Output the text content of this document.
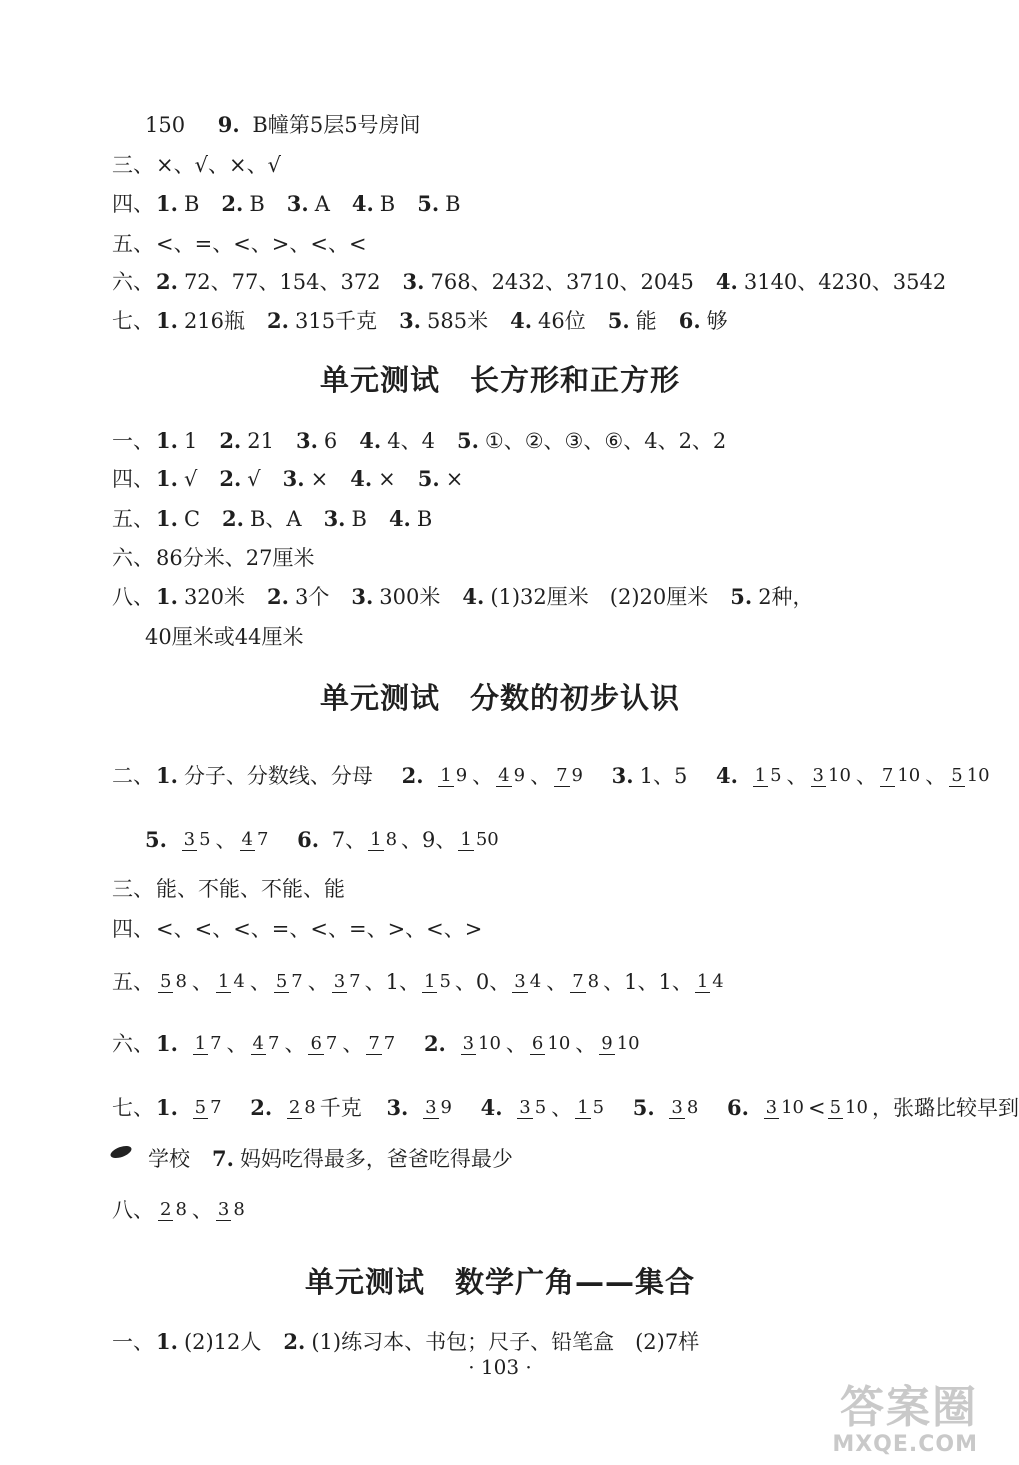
150 9. B幢第5层5号房间
三、×、√、×、√
四、1. B 2. B 3. A 4. B 5. B
五、<、=、<、>、<、<
六、2. 72、77、154、372 3. 768、2432、3710、2045 4. 3140、4230、3542
七、1. 216瓶 2. 315千克 3. 585米 4. 46位 5. 能 6. 够
单元测试　长方形和正方形
一、1. 1 2. 21 3. 6 4. 4、4 5. ①、②、③、⑥、4、2、2
四、1. √ 2. √ 3. × 4. × 5. ×
五、1. C 2. B、A 3. B 4. B
六、86分米、27厘米
八、1. 320米 2. 3个 3. 300米 4. (1)32厘米　(2)20厘米 5. 2种，
40厘米或44厘米
单元测试　分数的初步认识
二、1. 分子、分数线、分母 2. 1 9 、 4 9 、 7 9 3. 1、5 4. 1 5 、 3 10 、 7 10 、 5 10
5. 3 5 、 4 7 6. 7、 1 8 、9、 1 50
三、能、不能、不能、能
四、<、<、<、=、<、=、>、<、>
五、 5 8 、 1 4 、 5 7 、 3 7 、1、 1 5 、0、 3 4 、 7 8 、1、1、 1 4
六、1. 1 7 、 4 7 、 6 7 、 7 7 2. 3 10 、 6 10 、 9 10
七、1. 5 7 2. 2 8 千克 3. 3 9 4. 3 5 、 1 5 5. 3 8 6. 3 10 < 5 10 ，张璐比较早到
学校 7. 妈妈吃得最多，爸爸吃得最少
八、 2 8 、 3 8
单元测试　数学广角——集合
一、1. (2)12人 2. (1)练习本、书包；尺子、铅笔盒　(2)7样
· 103 ·
答案圈
MXQE.COM
